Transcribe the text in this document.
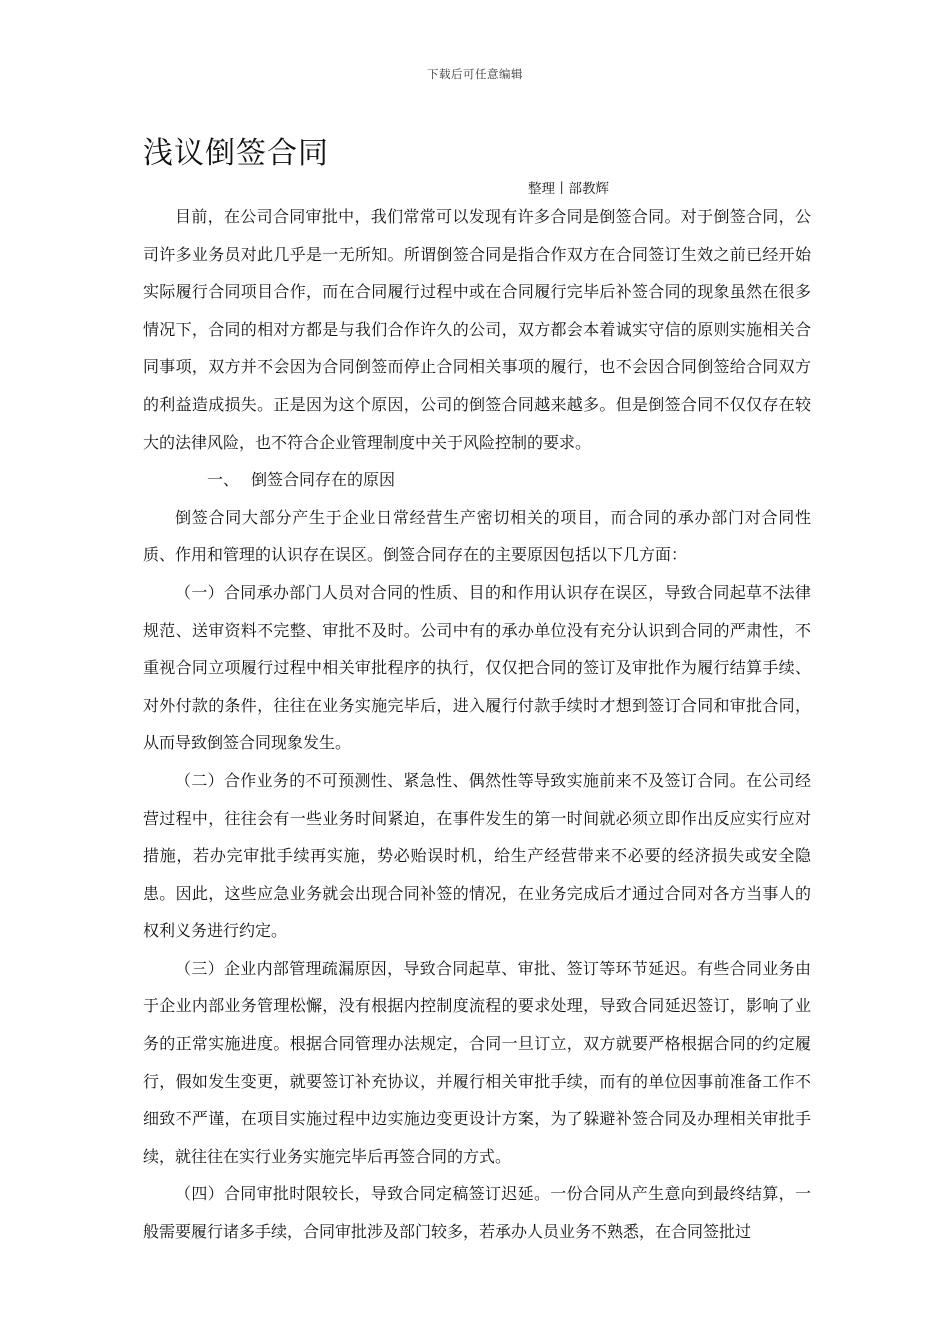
下载后可任意编辑
浅议倒签合同
整理丨部教辉

目前，在公司合同审批中，我们常常可以发现有许多合同是倒签合同。对于倒签合同，公司许多业务员对此几乎是一无所知。所谓倒签合同是指合作双方在合同签订生效之前已经开始实际履行合同项目合作，而在合同履行过程中或在合同履行完毕后补签合同的现象虽然在很多情况下，合同的相对方都是与我们合作许久的公司，双方都会本着诚实守信的原则实施相关合同事项，双方并不会因为合同倒签而停止合同相关事项的履行，也不会因合同倒签给合同双方的利益造成损失。正是因为这个原因，公司的倒签合同越来越多。但是倒签合同不仅仅存在较大的法律风险，也不符合企业管理制度中关于风险控制的要求。

一、 倒签合同存在的原因

倒签合同大部分产生于企业日常经营生产密切相关的项目，而合同的承办部门对合同性质、作用和管理的认识存在误区。倒签合同存在的主要原因包括以下几方面：

（一）合同承办部门人员对合同的性质、目的和作用认识存在误区，导致合同起草不法律规范、送审资料不完整、审批不及时。公司中有的承办单位没有充分认识到合同的严肃性，不重视合同立项履行过程中相关审批程序的执行，仅仅把合同的签订及审批作为履行结算手续、对外付款的条件，往往在业务实施完毕后，进入履行付款手续时才想到签订合同和审批合同，从而导致倒签合同现象发生。

（二）合作业务的不可预测性、紧急性、偶然性等导致实施前来不及签订合同。在公司经营过程中，往往会有一些业务时间紧迫，在事件发生的第一时间就必须立即作出反应实行应对措施，若办完审批手续再实施，势必贻误时机，给生产经营带来不必要的经济损失或安全隐患。因此，这些应急业务就会出现合同补签的情况，在业务完成后才通过合同对各方当事人的权利义务进行约定。

（三）企业内部管理疏漏原因，导致合同起草、审批、签订等环节延迟。有些合同业务由于企业内部业务管理松懈，没有根据内控制度流程的要求处理，导致合同延迟签订，影响了业务的正常实施进度。根据合同管理办法规定，合同一旦订立，双方就要严格根据合同的约定履行，假如发生变更，就要签订补充协议，并履行相关审批手续，而有的单位因事前准备工作不细致不严谨，在项目实施过程中边实施边变更设计方案，为了躲避补签合同及办理相关审批手续，就往往在实行业务实施完毕后再签合同的方式。

（四）合同审批时限较长，导致合同定稿签订迟延。一份合同从产生意向到最终结算，一般需要履行诸多手续，合同审批涉及部门较多，若承办人员业务不熟悉，在合同签批过
